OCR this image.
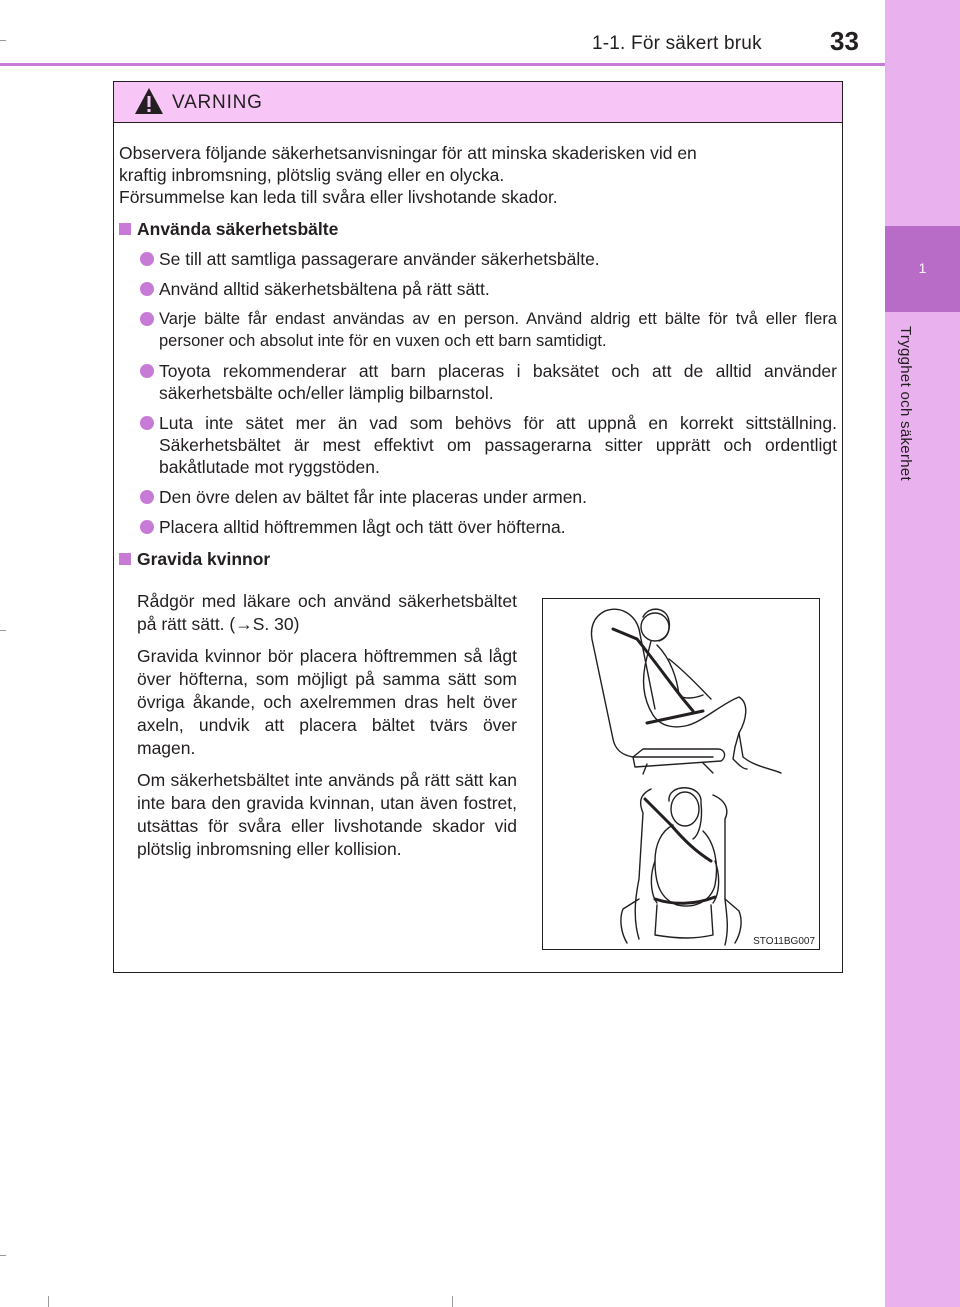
1-1. För säkert bruk	33
1
Trygghet och säkerhet
VARNING
Observera följande säkerhetsanvisningar för att minska skaderisken vid en
kraftig inbromsning, plötslig sväng eller en olycka.
Försummelse kan leda till svåra eller livshotande skador.
Använda säkerhetsbälte
Se till att samtliga passagerare använder säkerhetsbälte.
Använd alltid säkerhetsbältena på rätt sätt.
Varje bälte får endast användas av en person. Använd aldrig ett bälte för två eller flera personer och absolut inte för en vuxen och ett barn samtidigt.
Toyota rekommenderar att barn placeras i baksätet och att de alltid använder säkerhetsbälte och/eller lämplig bilbarnstol.
Luta inte sätet mer än vad som behövs för att uppnå en korrekt sittställning. Säkerhetsbältet är mest effektivt om passagerarna sitter upprätt och ordentligt bakåtlutade mot ryggstöden.
Den övre delen av bältet får inte placeras under armen.
Placera alltid höftremmen lågt och tätt över höfterna.
Gravida kvinnor

Rådgör med läkare och använd säkerhetsbältet på rätt sätt. (→S. 30)

Gravida kvinnor bör placera höftremmen så lågt över höfterna, som möjligt på samma sätt som övriga åkande, och axelremmen dras helt över axeln, undvik att placera bältet tvärs över magen.

Om säkerhetsbältet inte används på rätt sätt kan inte bara den gravida kvinnan, utan även fostret, utsättas för svåra eller livshotande skador vid plötslig inbromsning eller kollision.

STO11BG007
